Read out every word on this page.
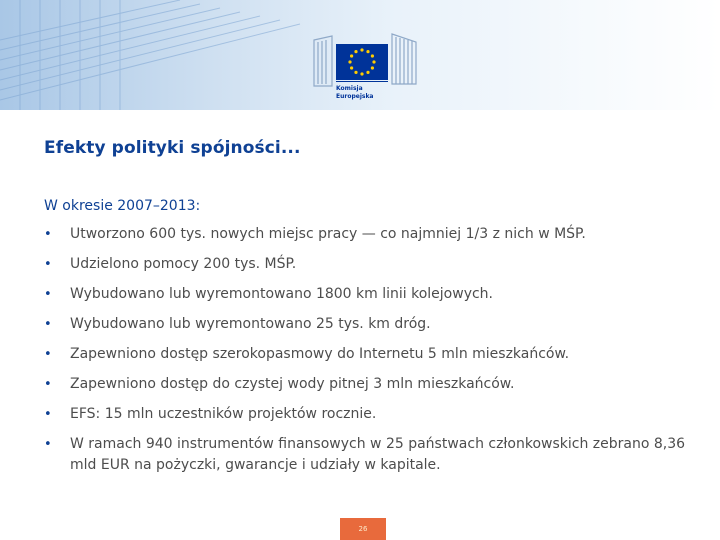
Komisja
Europejska
Efekty polityki spójności...

W okresie 2007–2013:

• Utworzono 600 tys. nowych miejsc pracy — co najmniej 1/3 z nich w MŚP.
• Udzielono pomocy 200 tys. MŚP.
• Wybudowano lub wyremontowano 1800 km linii kolejowych.
• Wybudowano lub wyremontowano 25 tys. km dróg.
• Zapewniono dostęp szerokopasmowy do Internetu 5 mln mieszkańców.
• Zapewniono dostęp do czystej wody pitnej 3 mln mieszkańców.
• EFS: 15 mln uczestników projektów rocznie.
• W ramach 940 instrumentów finansowych w 25 państwach członkowskich zebrano 8,36 mld EUR na pożyczki, gwarancje i udziały w kapitale.
26
